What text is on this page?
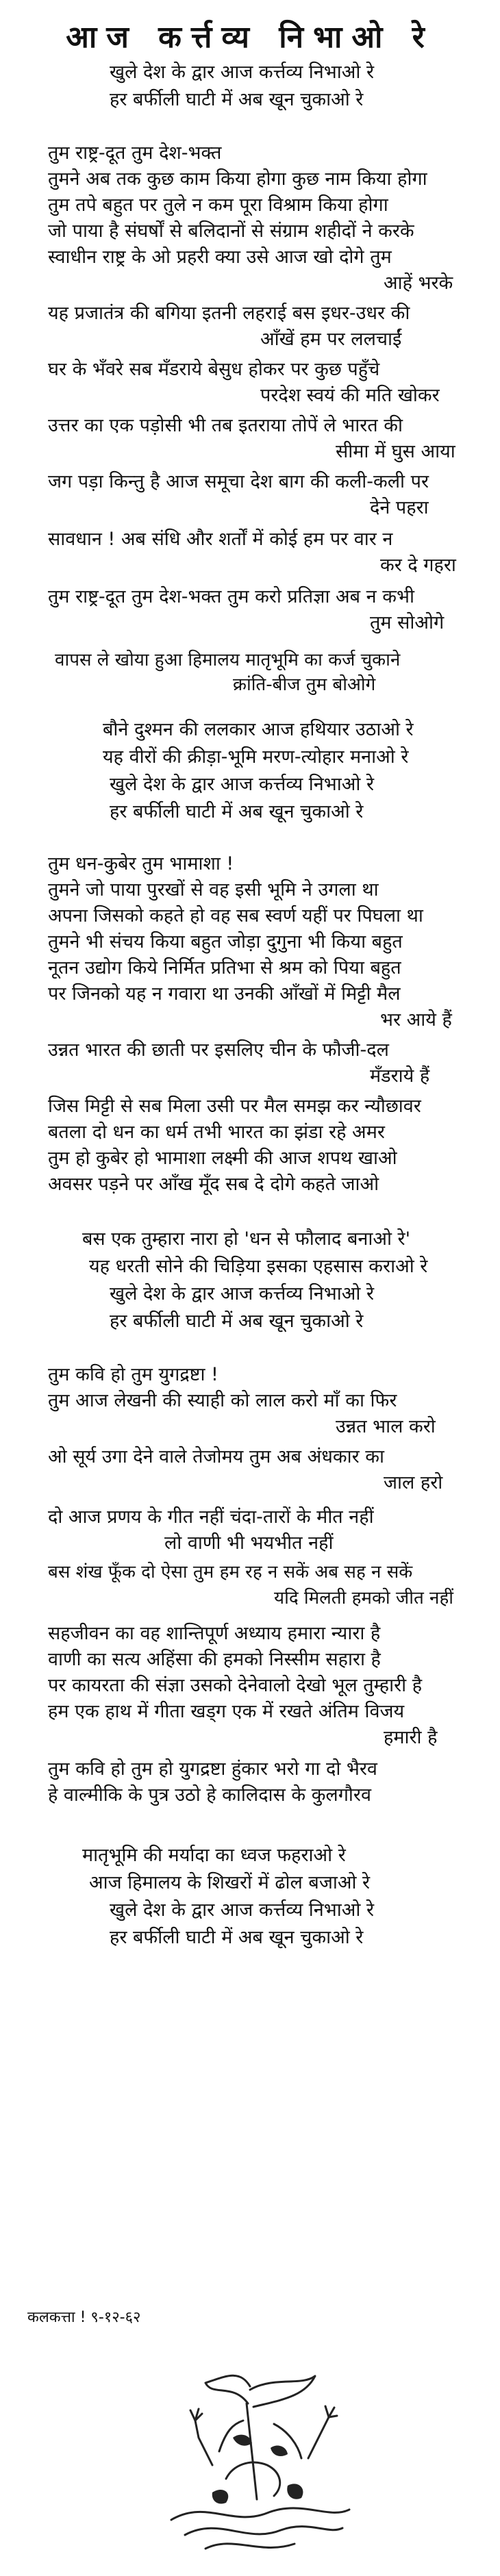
आज कर्त्तव्य निभाओ रे
खुले देश के द्वार आज कर्त्तव्य निभाओ रे
हर बर्फीली घाटी में अब खून चुकाओ रे
तुम राष्ट्र-दूत तुम देश-भक्त
तुमने अब तक कुछ काम किया होगा कुछ नाम किया होगा
तुम तपे बहुत पर तुले न कम पूरा विश्राम किया होगा
जो पाया है संघर्षों से बलिदानों से संग्राम शहीदों ने करके
स्वाधीन राष्ट्र के ओ प्रहरी क्या उसे आज खो दोगे तुम
आहें भरके
यह प्रजातंत्र की बगिया इतनी लहराई बस इधर-उधर की
आँखें हम पर ललचाईं
घर के भँवरे सब मँडराये बेसुध होकर पर कुछ पहुँचे
परदेश स्वयं की मति खोकर
उत्तर का एक पड़ोसी भी तब इतराया तोपें ले भारत की
सीमा में घुस आया
जग पड़ा किन्तु है आज समूचा देश बाग की कली-कली पर
देने पहरा
सावधान ! अब संधि और शर्तों में कोई हम पर वार न
कर दे गहरा
तुम राष्ट्र-दूत तुम देश-भक्त तुम करो प्रतिज्ञा अब न कभी
तुम सोओगे
वापस ले खोया हुआ हिमालय मातृभूमि का कर्ज चुकाने
क्रांति-बीज तुम बोओगे
बौने दुश्मन की ललकार आज हथियार उठाओ रे
यह वीरों की क्रीड़ा-भूमि मरण-त्योहार मनाओ रे
खुले देश के द्वार आज कर्त्तव्य निभाओ रे
हर बर्फीली घाटी में अब खून चुकाओ रे
तुम धन-कुबेर तुम भामाशा !
तुमने जो पाया पुरखों से वह इसी भूमि ने उगला था
अपना जिसको कहते हो वह सब स्वर्ण यहीं पर पिघला था
तुमने भी संचय किया बहुत जोड़ा दुगुना भी किया बहुत
नूतन उद्योग किये निर्मित प्रतिभा से श्रम को पिया बहुत
पर जिनको यह न गवारा था उनकी आँखों में मिट्टी मैल
भर आये हैं
उन्नत भारत की छाती पर इसलिए चीन के फौजी-दल
मँडराये हैं
जिस मिट्टी से सब मिला उसी पर मैल समझ कर न्यौछावर
बतला दो धन का धर्म तभी भारत का झंडा रहे अमर
तुम हो कुबेर हो भामाशा लक्ष्मी की आज शपथ खाओ
अवसर पड़ने पर आँख मूँद सब दे दोगे कहते जाओ
बस एक तुम्हारा नारा हो 'धन से फौलाद बनाओ रे'
यह धरती सोने की चिड़िया इसका एहसास कराओ रे
खुले देश के द्वार आज कर्त्तव्य निभाओ रे
हर बर्फीली घाटी में अब खून चुकाओ रे
तुम कवि हो तुम युगद्रष्टा !
तुम आज लेखनी की स्याही को लाल करो माँ का फिर
उन्नत भाल करो
ओ सूर्य उगा देने वाले तेजोमय तुम अब अंधकार का
जाल हरो
दो आज प्रणय के गीत नहीं चंदा-तारों के मीत नहीं
लो वाणी भी भयभीत नहीं
बस शंख फूँक दो ऐसा तुम हम रह न सकें अब सह न सकें
यदि मिलती हमको जीत नहीं
सहजीवन का वह शान्तिपूर्ण अध्याय हमारा न्यारा है
वाणी का सत्य अहिंसा की हमको निस्सीम सहारा है
पर कायरता की संज्ञा उसको देनेवालो देखो भूल तुम्हारी है
हम एक हाथ में गीता खड्ग एक में रखते अंतिम विजय
हमारी है
तुम कवि हो तुम हो युगद्रष्टा हुंकार भरो गा दो भैरव
हे वाल्मीकि के पुत्र उठो हे कालिदास के कुलगौरव
मातृभूमि की मर्यादा का ध्वज फहराओ रे
आज हिमालय के शिखरों में ढोल बजाओ रे
खुले देश के द्वार आज कर्त्तव्य निभाओ रे
हर बर्फीली घाटी में अब खून चुकाओ रे
कलकत्ता ! ९-१२-६२
